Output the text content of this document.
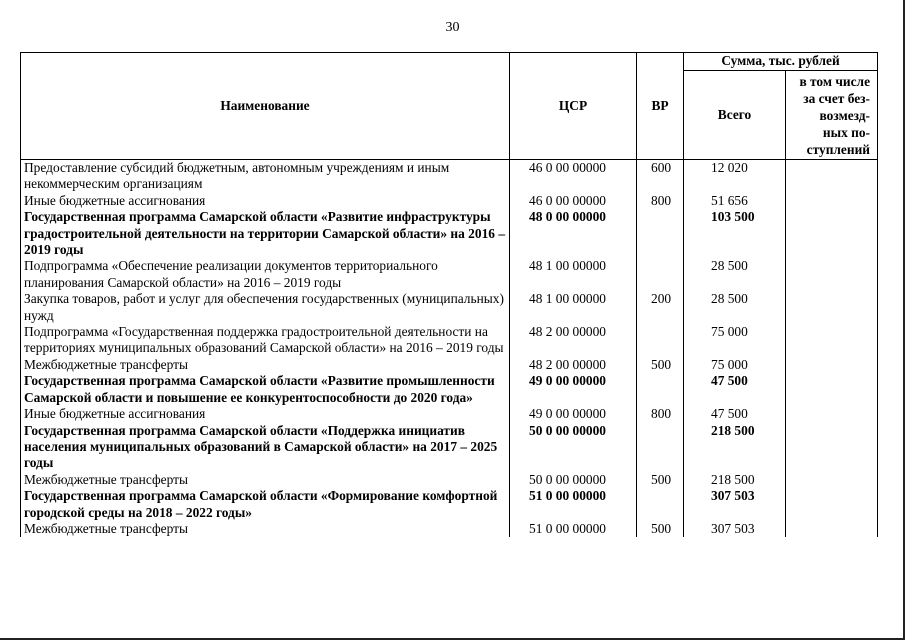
30
Наименование	ЦСР	ВР	Сумма, тыс. рублей	
			Всего	в том числе
за счет без-
возмезд-
ных по-
ступлений

Предоставление субсидий бюджетным, автономным учреждениям и иным некоммерческим организациям	46 0 00 00000	600	12 020	
Иные бюджетные ассигнования	46 0 00 00000	800	51 656	
Государственная программа Самарской области «Развитие инфраструктуры градостроительной деятельности на территории Самарской области» на 2016 – 2019 годы	48 0 00 00000		103 500	
Подпрограмма «Обеспечение реализации документов территориального планирования Самарской области» на 2016 – 2019 годы	48 1 00 00000		28 500	
Закупка товаров, работ и услуг для обеспечения государственных (муниципальных) нужд	48 1 00 00000	200	28 500	
Подпрограмма «Государственная поддержка градостроительной деятельности на территориях муниципальных образований Самарской области» на 2016 – 2019 годы	48 2 00 00000		75 000	
Межбюджетные трансферты	48 2 00 00000	500	75 000	
Государственная программа Самарской области «Развитие промышленности Самарской области и повышение ее конкурентоспособности до 2020 года»	49 0 00 00000		47 500	
Иные бюджетные ассигнования	49 0 00 00000	800	47 500	
Государственная программа Самарской области «Поддержка инициатив населения муниципальных образований в Самарской области» на 2017 – 2025 годы	50 0 00 00000		218 500	
Межбюджетные трансферты	50 0 00 00000	500	218 500	
Государственная программа Самарской области «Формирование комфортной городской среды на 2018 – 2022 годы»	51 0 00 00000		307 503	
Межбюджетные трансферты	51 0 00 00000	500	307 503	
